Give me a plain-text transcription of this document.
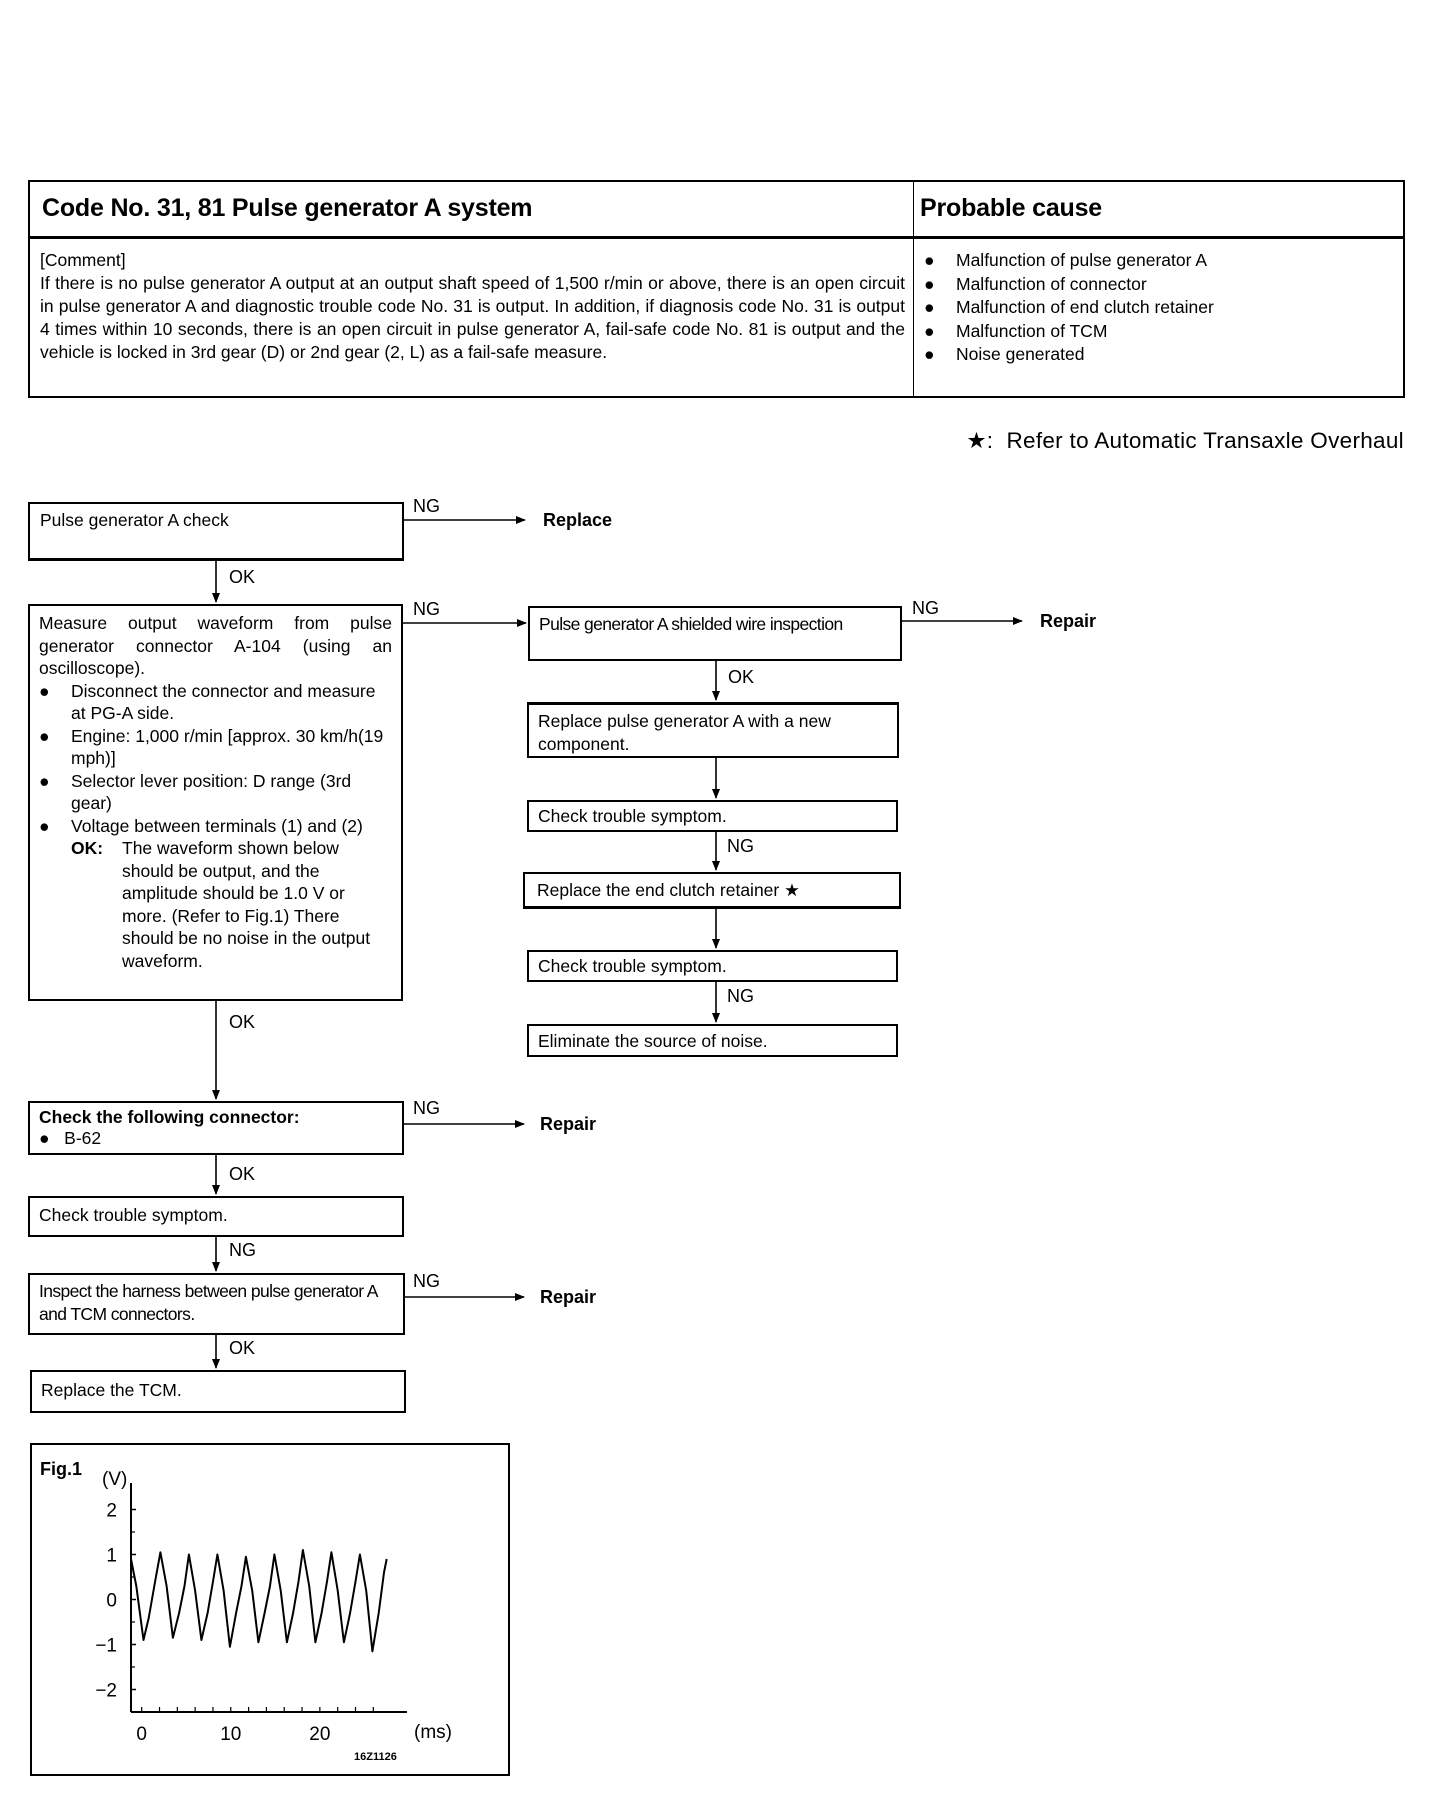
Code No. 31, 81 Pulse generator A system	Probable cause
[Comment]
If there is no pulse generator A output at an output shaft speed of 1,500 r/min or above, there is an open circuit in pulse generator A and diagnostic trouble code No. 31 is output. In addition, if diagnosis code No. 31 is output 4 times within 10 seconds, there is an open circuit in pulse generator A, fail-safe code No. 81 is output and the vehicle is locked in 3rd gear (D) or 2nd gear (2, L) as a fail-safe measure.
● Malfunction of pulse generator A
● Malfunction of connector
● Malfunction of end clutch retainer
● Malfunction of TCM
● Noise generated
★: Refer to Automatic Transaxle Overhaul
Pulse generator A check
NG
Replace
OK
Measure output waveform from pulse generator connector A-104 (using an oscilloscope).
● Disconnect the connector and measure at PG-A side.
● Engine: 1,000 r/min [approx. 30 km/h(19 mph)]
● Selector lever position: D range (3rd gear)
● Voltage between terminals (1) and (2)
OK:	The waveform shown below should be output, and the amplitude should be 1.0 V or more. (Refer to Fig.1) There should be no noise in the output waveform.
NG
OK
Check the following connector:
● B-62
NG
Repair
OK
Check trouble symptom.
NG
Inspect the harness between pulse generator A and TCM connectors.
NG
Repair
OK
Replace the TCM.
Pulse generator A shielded wire inspection
NG
Repair
OK
Replace pulse generator A with a new component.
Check trouble symptom.
NG
Replace the end clutch retainer ★
Check trouble symptom.
NG
Eliminate the source of noise.
Fig.1 (V)
2
1
0
−1
−2
0	10	20	(ms)
16Z1126
